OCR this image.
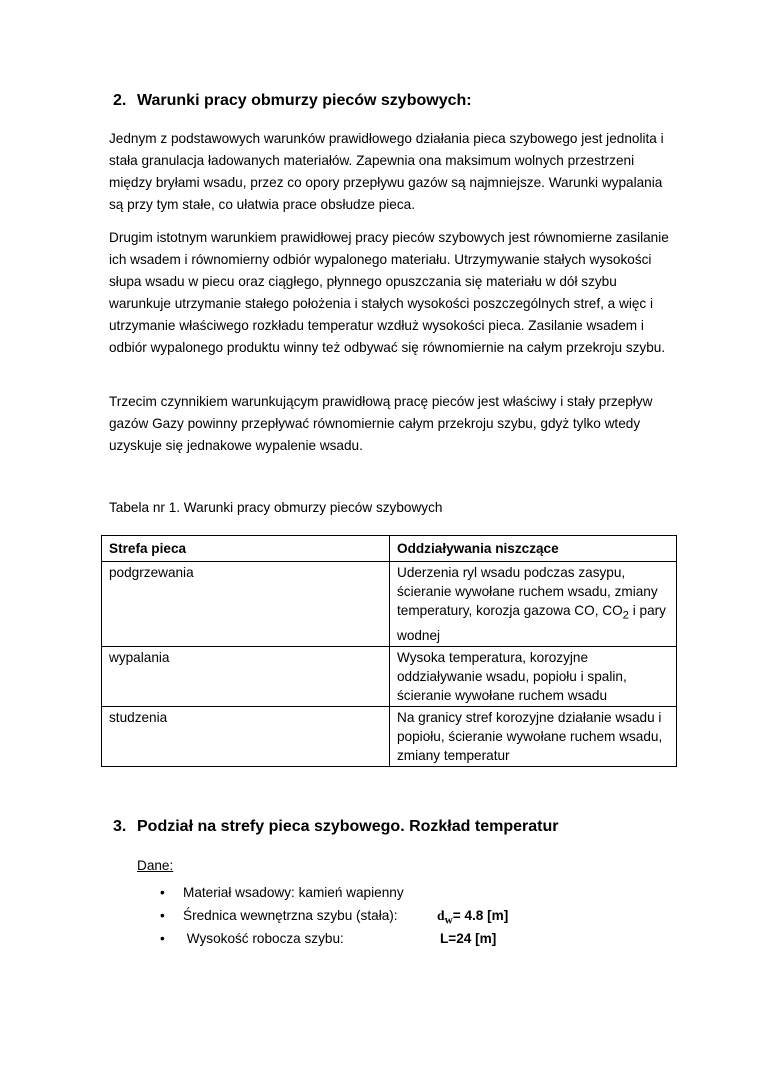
2. Warunki pracy obmurzy pieców szybowych:

Jednym z podstawowych warunków prawidłowego działania pieca szybowego jest jednolita i stała granulacja ładowanych materiałów. Zapewnia ona maksimum wolnych przestrzeni między bryłami wsadu, przez co opory przepływu gazów są najmniejsze. Warunki wypalania są przy tym stałe, co ułatwia prace obsłudze pieca.

Drugim istotnym warunkiem prawidłowej pracy pieców szybowych jest równomierne zasilanie ich wsadem i równomierny odbiór wypalonego materiału. Utrzymywanie stałych wysokości słupa wsadu w piecu oraz ciągłego, płynnego opuszczania się materiału w dół szybu warunkuje utrzymanie stałego położenia i stałych wysokości poszczególnych stref, a więc i utrzymanie właściwego rozkładu temperatur wzdłuż wysokości pieca. Zasilanie wsadem i odbiór wypalonego produktu winny też odbywać się równomiernie na całym przekroju szybu.

Trzecim czynnikiem warunkującym prawidłową pracę pieców jest właściwy i stały przepływ gazów Gazy powinny przepływać równomiernie całym przekroju szybu, gdyż tylko wtedy uzyskuje się jednakowe wypalenie wsadu.

Tabela nr 1. Warunki pracy obmurzy pieców szybowych

Strefa pieca	Oddziaływania niszczące
podgrzewania	Uderzenia ryl wsadu podczas zasypu, ścieranie wywołane ruchem wsadu, zmiany temperatury, korozja gazowa CO, $CO_2$ i pary wodnej
wypalania	Wysoka temperatura, korozyjne oddziaływanie wsadu, popiołu i spalin, ścieranie wywołane ruchem wsadu
studzenia	Na granicy stref korozyjne działanie wsadu i popiołu, ścieranie wywołane ruchem wsadu, zmiany temperatur
3. Podział na strefy pieca szybowego. Rozkład temperatur

Dane:

• Materiał wsadowy: kamień wapienny
• Średnica wewnętrzna szybu (stała):	$d_w= 4.8$ [m]
• Wysokość robocza szybu:	L=24 [m]
